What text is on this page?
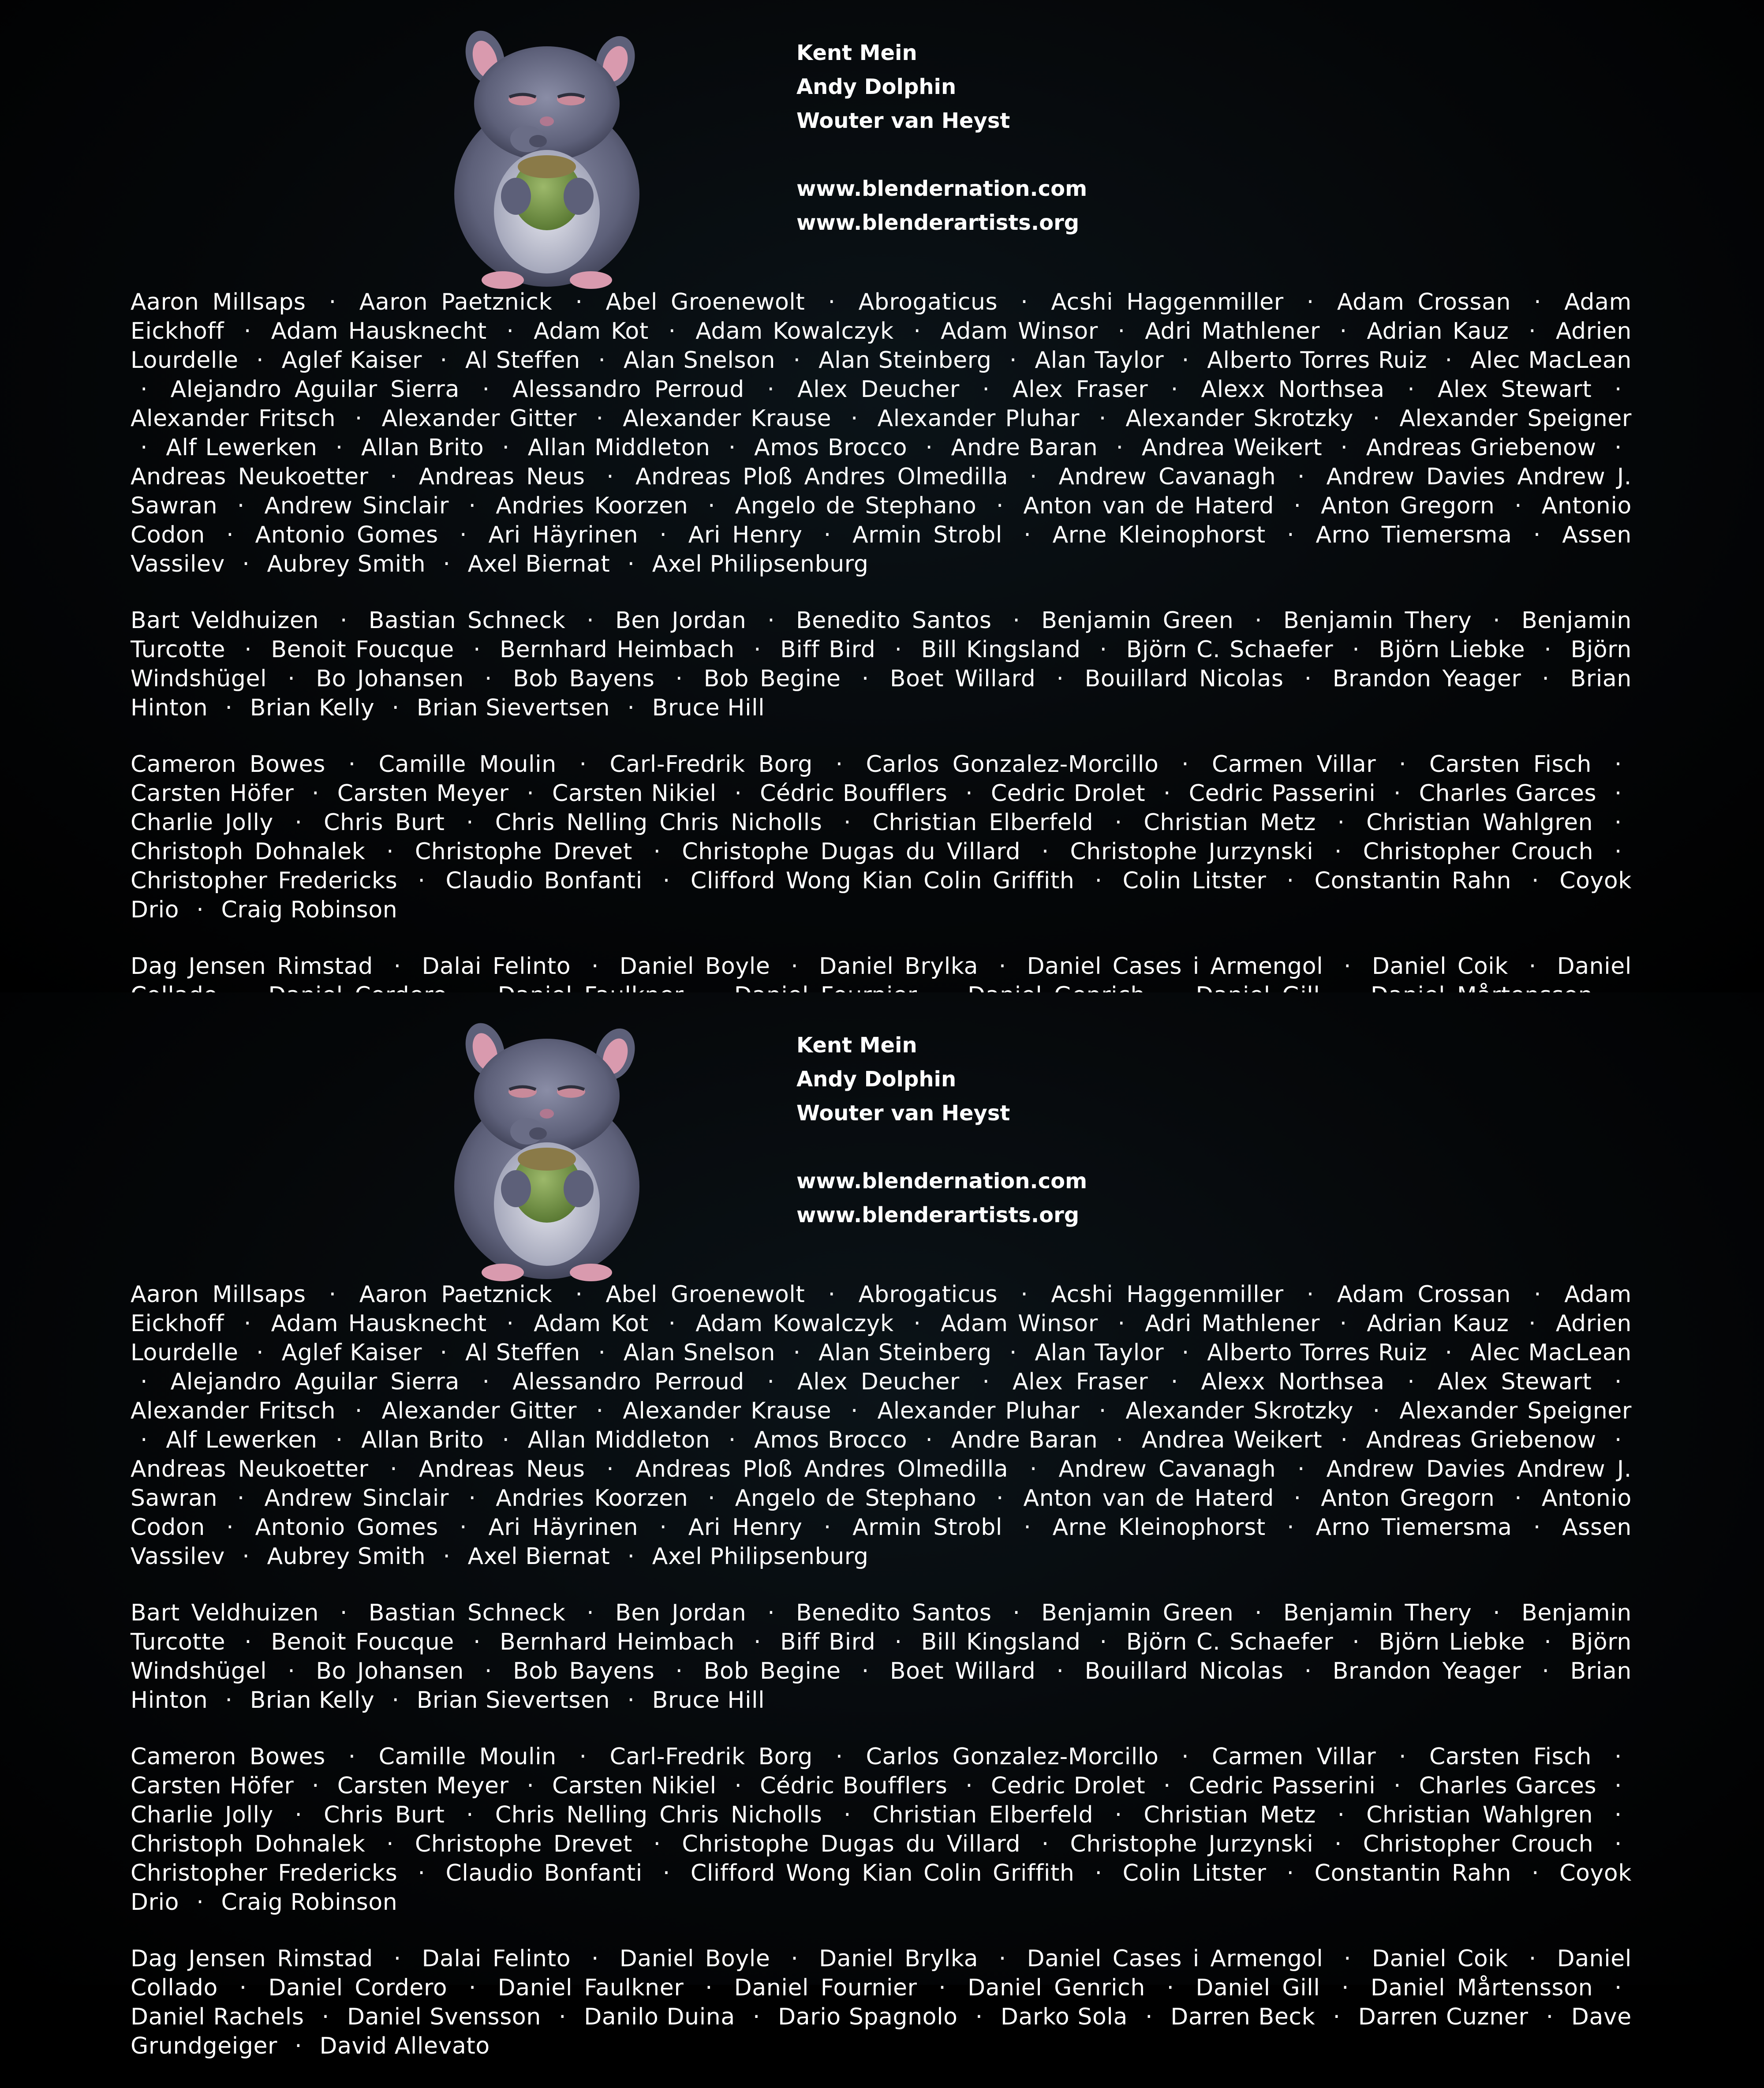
Kent Mein
Andy Dolphin
Wouter van Heyst
www.blendernation.com
www.blenderartists.org

Aaron Millsaps · Aaron Paetznick · Abel Groenewolt · Abrogaticus · Acshi Haggenmiller · Adam Crossan · Adam Eickhoff · Adam Hausknecht · Adam Kot · Adam Kowalczyk · Adam Winsor · Adri Mathlener · Adrian Kauz · Adrien Lourdelle · Aglef Kaiser · Al Steffen · Alan Snelson · Alan Steinberg · Alan Taylor · Alberto Torres Ruiz · Alec MacLean · Alejandro Aguilar Sierra · Alessandro Perroud · Alex Deucher · Alex Fraser · Alexx Northsea · Alex Stewart · Alexander Fritsch · Alexander Gitter · Alexander Krause · Alexander Pluhar · Alexander Skrotzky · Alexander Speigner · Alf Lewerken · Allan Brito · Allan Middleton · Amos Brocco · Andre Baran · Andrea Weikert · Andreas Griebenow · Andreas Neukoetter · Andreas Neus · Andreas Ploß Andres Olmedilla · Andrew Cavanagh · Andrew Davies Andrew J. Sawran · Andrew Sinclair · Andries Koorzen · Angelo de Stephano · Anton van de Haterd · Anton Gregorn · Antonio Codon · Antonio Gomes · Ari Häyrinen · Ari Henry · Armin Strobl · Arne Kleinophorst · Arno Tiemersma · Assen Vassilev · Aubrey Smith · Axel Biernat · Axel Philipsenburg

Bart Veldhuizen · Bastian Schneck · Ben Jordan · Benedito Santos · Benjamin Green · Benjamin Thery · Benjamin Turcotte · Benoit Foucque · Bernhard Heimbach · Biff Bird · Bill Kingsland · Björn C. Schaefer · Björn Liebke · Björn Windshügel · Bo Johansen · Bob Bayens · Bob Begine · Boet Willard · Bouillard Nicolas · Brandon Yeager · Brian Hinton · Brian Kelly · Brian Sievertsen · Bruce Hill

Cameron Bowes · Camille Moulin · Carl-Fredrik Borg · Carlos Gonzalez-Morcillo · Carmen Villar · Carsten Fisch · Carsten Höfer · Carsten Meyer · Carsten Nikiel · Cédric Boufflers · Cedric Drolet · Cedric Passerini · Charles Garces · Charlie Jolly · Chris Burt · Chris Nelling Chris Nicholls · Christian Elberfeld · Christian Metz · Christian Wahlgren · Christoph Dohnalek · Christophe Drevet · Christophe Dugas du Villard · Christophe Jurzynski · Christopher Crouch · Christopher Fredericks · Claudio Bonfanti · Clifford Wong Kian Colin Griffith · Colin Litster · Constantin Rahn · Coyok Drio · Craig Robinson

Dag Jensen Rimstad · Dalai Felinto · Daniel Boyle · Daniel Brylka · Daniel Cases i Armengol · Daniel Coik · Daniel

Kent Mein
Andy Dolphin
Wouter van Heyst
www.blendernation.com
www.blenderartists.org

Aaron Millsaps · Aaron Paetznick · Abel Groenewolt · Abrogaticus · Acshi Haggenmiller · Adam Crossan · Adam Eickhoff · Adam Hausknecht · Adam Kot · Adam Kowalczyk · Adam Winsor · Adri Mathlener · Adrian Kauz · Adrien Lourdelle · Aglef Kaiser · Al Steffen · Alan Snelson · Alan Steinberg · Alan Taylor · Alberto Torres Ruiz · Alec MacLean · Alejandro Aguilar Sierra · Alessandro Perroud · Alex Deucher · Alex Fraser · Alexx Northsea · Alex Stewart · Alexander Fritsch · Alexander Gitter · Alexander Krause · Alexander Pluhar · Alexander Skrotzky · Alexander Speigner · Alf Lewerken · Allan Brito · Allan Middleton · Amos Brocco · Andre Baran · Andrea Weikert · Andreas Griebenow · Andreas Neukoetter · Andreas Neus · Andreas Ploß Andres Olmedilla · Andrew Cavanagh · Andrew Davies Andrew J. Sawran · Andrew Sinclair · Andries Koorzen · Angelo de Stephano · Anton van de Haterd · Anton Gregorn · Antonio Codon · Antonio Gomes · Ari Häyrinen · Ari Henry · Armin Strobl · Arne Kleinophorst · Arno Tiemersma · Assen Vassilev · Aubrey Smith · Axel Biernat · Axel Philipsenburg

Bart Veldhuizen · Bastian Schneck · Ben Jordan · Benedito Santos · Benjamin Green · Benjamin Thery · Benjamin Turcotte · Benoit Foucque · Bernhard Heimbach · Biff Bird · Bill Kingsland · Björn C. Schaefer · Björn Liebke · Björn Windshügel · Bo Johansen · Bob Bayens · Bob Begine · Boet Willard · Bouillard Nicolas · Brandon Yeager · Brian Hinton · Brian Kelly · Brian Sievertsen · Bruce Hill

Cameron Bowes · Camille Moulin · Carl-Fredrik Borg · Carlos Gonzalez-Morcillo · Carmen Villar · Carsten Fisch · Carsten Höfer · Carsten Meyer · Carsten Nikiel · Cédric Boufflers · Cedric Drolet · Cedric Passerini · Charles Garces · Charlie Jolly · Chris Burt · Chris Nelling Chris Nicholls · Christian Elberfeld · Christian Metz · Christian Wahlgren · Christoph Dohnalek · Christophe Drevet · Christophe Dugas du Villard · Christophe Jurzynski · Christopher Crouch · Christopher Fredericks · Claudio Bonfanti · Clifford Wong Kian Colin Griffith · Colin Litster · Constantin Rahn · Coyok Drio · Craig Robinson

Dag Jensen Rimstad · Dalai Felinto · Daniel Boyle · Daniel Brylka · Daniel Cases i Armengol · Daniel Coik · Daniel Collado · Daniel Cordero · Daniel Faulkner · Daniel Fournier · Daniel Genrich · Daniel Gill · Daniel Mårtensson · Daniel Rachels · Daniel Svensson · Danilo Duina · Dario Spagnolo · Darko Sola · Darren Beck · Darren Cuzner · Dave Grundgeiger · David Allevato
